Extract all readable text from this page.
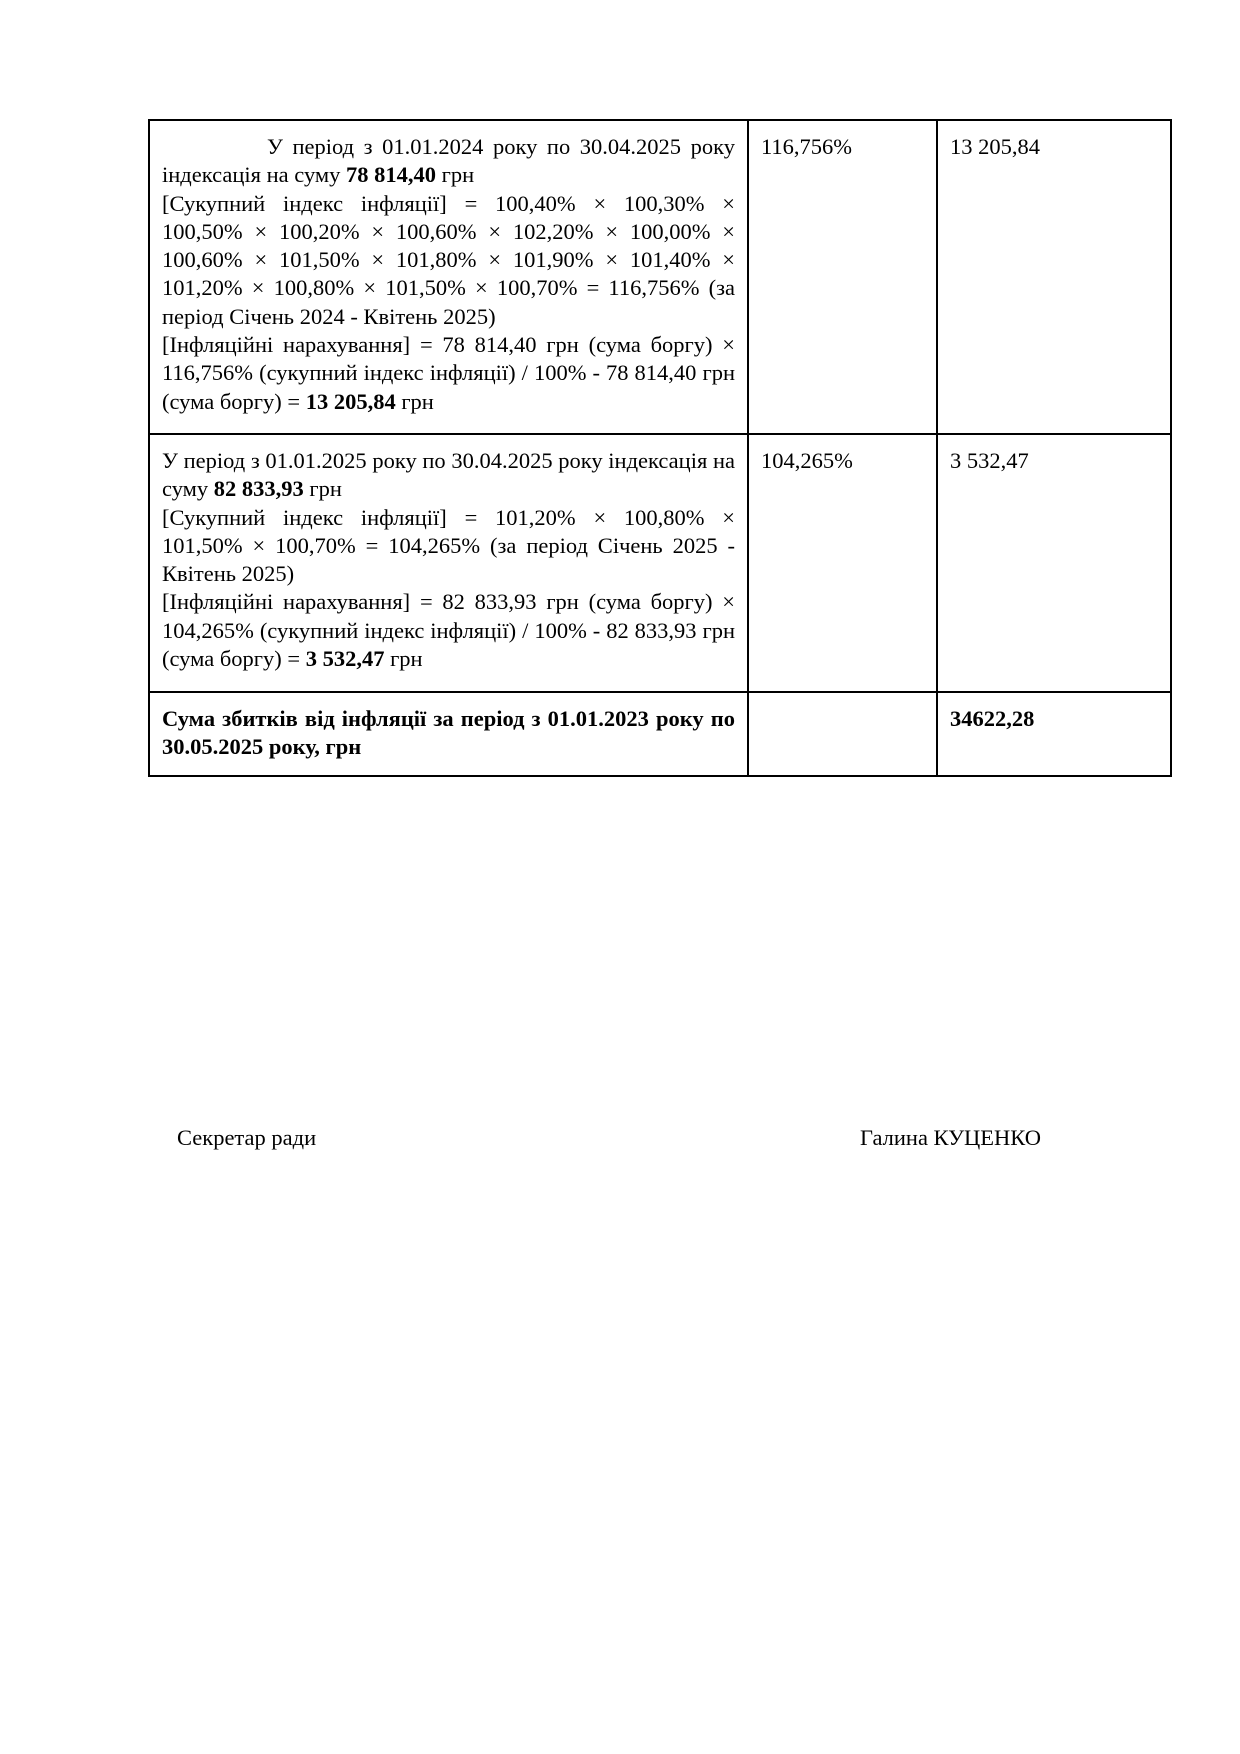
У період з 01.01.2024 року по 30.04.2025 року індексація на суму 78 814,40 грн
[Сукупний індекс інфляції] = 100,40% × 100,30% × 100,50% × 100,20% × 100,60% × 102,20% × 100,00% × 100,60% × 101,50% × 101,80% × 101,90% × 101,40% × 101,20% × 100,80% × 101,50% × 100,70% = 116,756% (за період Січень 2024 - Квітень 2025)
[Інфляційні нарахування] = 78 814,40 грн (сума боргу) × 116,756% (сукупний індекс інфляції) / 100% - 78 814,40 грн (сума боргу) = 13 205,84 грн	116,756%	13 205,84

У період з 01.01.2025 року по 30.04.2025 року індексація на суму 82 833,93 грн
[Сукупний індекс інфляції] = 101,20% × 100,80% × 101,50% × 100,70% = 104,265% (за період Січень 2025 - Квітень 2025)
[Інфляційні нарахування] = 82 833,93 грн (сума боргу) × 104,265% (сукупний індекс інфляції) / 100% - 82 833,93 грн (сума боргу) = 3 532,47 грн	104,265%	3 532,47
Сума збитків від інфляції за період з 01.01.2023 року по 30.05.2025 року, грн		34622,28
Секретар ради	Галина КУЦЕНКО
